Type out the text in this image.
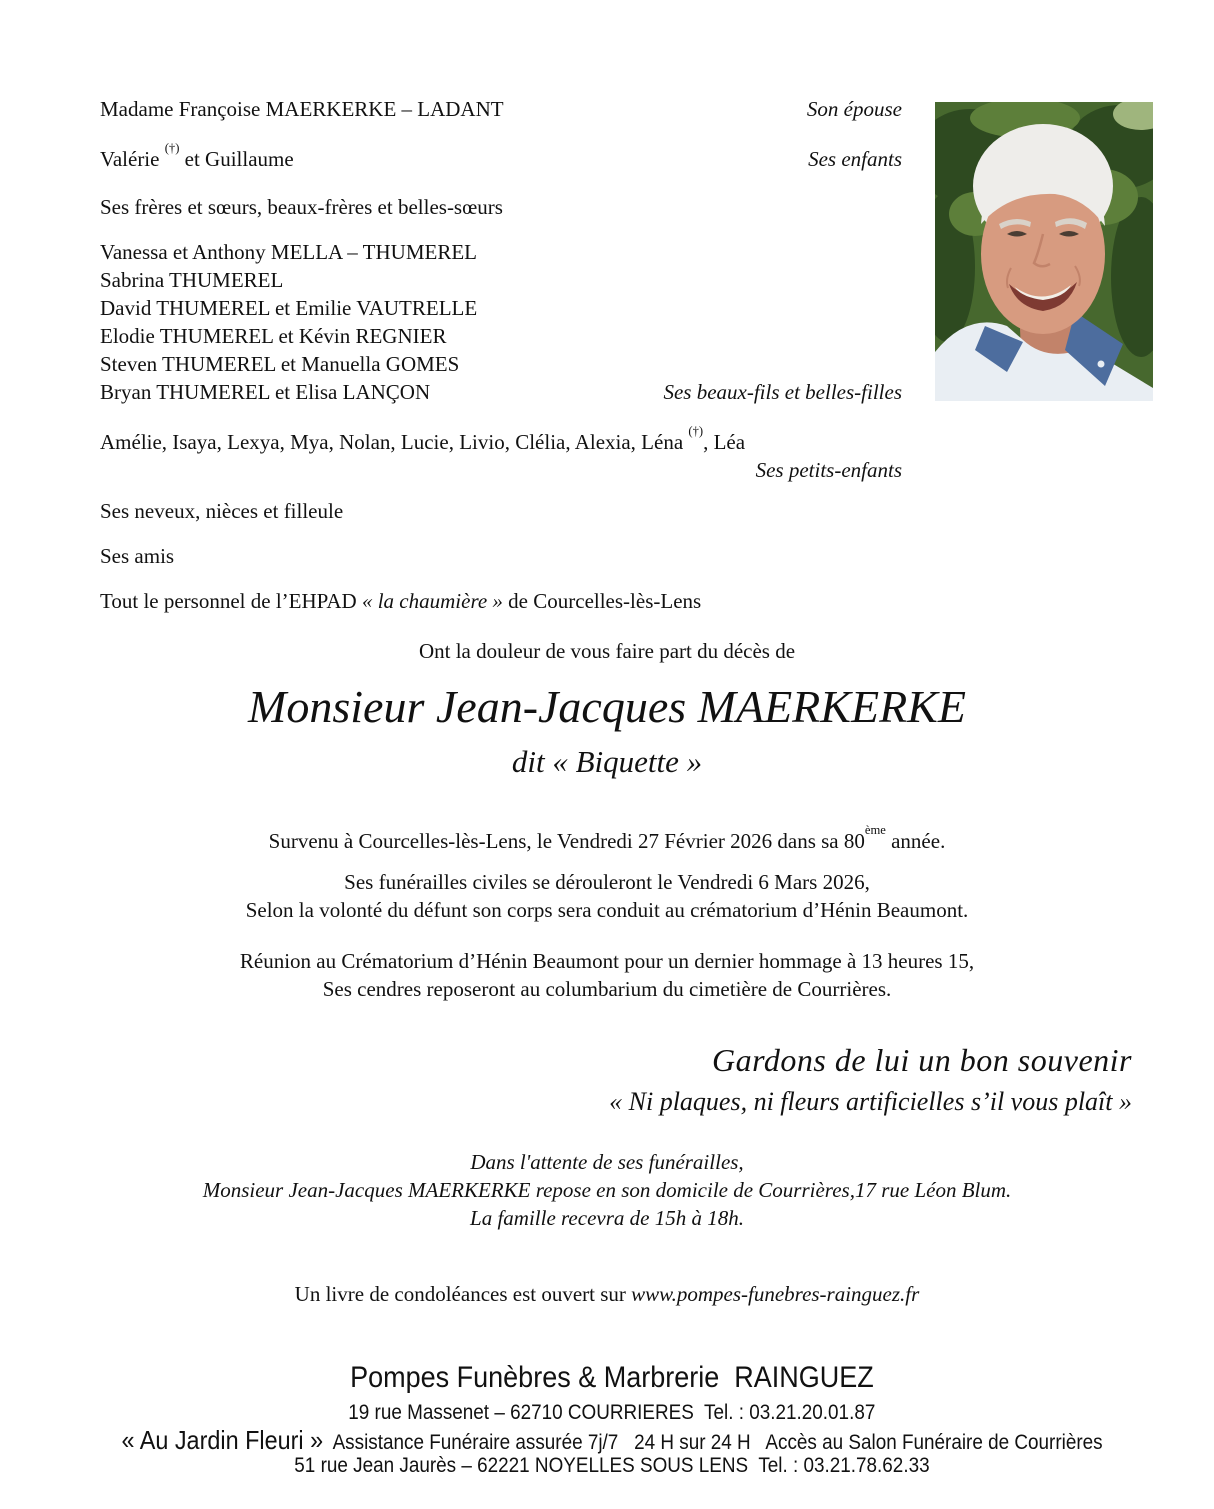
Madame Françoise MAERKERKE – LADANT	Son épouse
Valérie (†) et Guillaume	Ses enfants
Ses frères et sœurs, beaux-frères et belles-sœurs
Vanessa et Anthony MELLA – THUMEREL
Sabrina THUMEREL
David THUMEREL et Emilie VAUTRELLE
Elodie THUMEREL et Kévin REGNIER
Steven THUMEREL et Manuella GOMES
Bryan THUMEREL et Elisa LANÇON	Ses beaux-fils et belles-filles
Amélie, Isaya, Lexya, Mya, Nolan, Lucie, Livio, Clélia, Alexia, Léna (†), Léa
Ses petits-enfants
Ses neveux, nièces et filleule
Ses amis
Tout le personnel de l’EHPAD « la chaumière » de Courcelles-lès-Lens
Ont la douleur de vous faire part du décès de
Monsieur Jean-Jacques MAERKERKE
dit « Biquette »
Survenu à Courcelles-lès-Lens, le Vendredi 27 Février 2026 dans sa 80ème année.
Ses funérailles civiles se dérouleront le Vendredi 6 Mars 2026,
Selon la volonté du défunt son corps sera conduit au crématorium d’Hénin Beaumont.
Réunion au Crématorium d’Hénin Beaumont pour un dernier hommage à 13 heures 15,
Ses cendres reposeront au columbarium du cimetière de Courrières.
Gardons de lui un bon souvenir
« Ni plaques, ni fleurs artificielles s’il vous plaît »
Dans l'attente de ses funérailles,
Monsieur Jean-Jacques MAERKERKE repose en son domicile de Courrières,17 rue Léon Blum.
La famille recevra de 15h à 18h.
Un livre de condoléances est ouvert sur www.pompes-funebres-rainguez.fr
Pompes Funèbres & Marbrerie  RAINGUEZ
19 rue Massenet – 62710 COURRIERES  Tel. : 03.21.20.01.87
« Au Jardin Fleuri »  Assistance Funéraire assurée 7j/7   24 H sur 24 H   Accès au Salon Funéraire de Courrières
51 rue Jean Jaurès – 62221 NOYELLES SOUS LENS  Tel. : 03.21.78.62.33
